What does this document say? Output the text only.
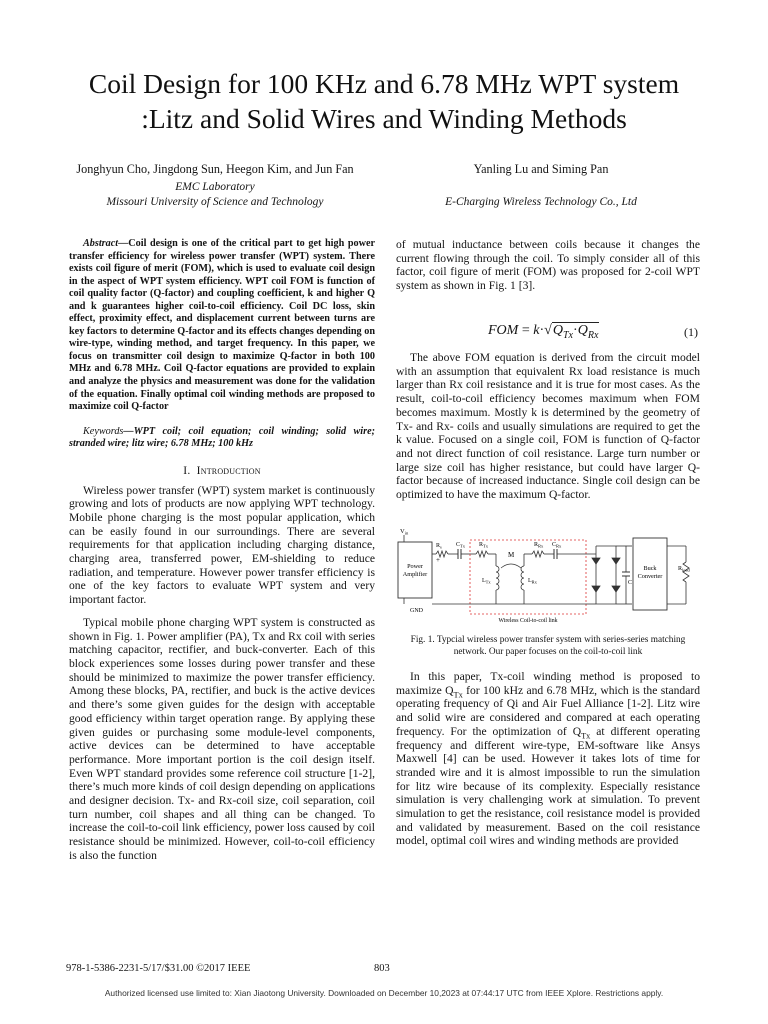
Coil Design for 100 KHz and 6.78 MHz WPT system
:Litz and Solid Wires and Winding Methods
Jonghyun Cho, Jingdong Sun, Heegon Kim, and Jun Fan
EMC Laboratory
Missouri University of Science and Technology
Yanling Lu and Siming Pan
E-Charging Wireless Technology Co., Ltd

Abstract—Coil design is one of the critical part to get high power transfer efficiency for wireless power transfer (WPT) system. There exists coil figure of merit (FOM), which is used to evaluate coil design in the aspect of WPT system efficiency. WPT coil FOM is function of coil quality factor (Q-factor) and coupling coefficient, k and higher Q and k guarantees higher coil-to-coil efficiency. Coil DC loss, skin effect, proximity effect, and displacement current between turns are key factors to determine Q-factor and its effects changes depending on wire-type, winding method, and target frequency. In this paper, we focus on transmitter coil design to maximize Q-factor in both 100 MHz and 6.78 MHz. Coil Q-factor equations are provided to explain and analyze the physics and measurement was done for the validation of the equation. Finally optimal coil winding methods are proposed to maximize coil Q-factor

Keywords—WPT coil; coil equation; coil winding; solid wire; stranded wire; litz wire; 6.78 MHz; 100 kHz

I. Introduction

Wireless power transfer (WPT) system market is continuously growing and lots of products are now applying WPT technology. Mobile phone charging is the most popular application, which can be easily found in our surroundings. There are several requirements for that application including charging distance, charging area, transferred power, EM-shielding to reduce radiation, and temperature. However power transfer efficiency is one of the key factors to evaluate WPT system and very important factor.

Typical mobile phone charging WPT system is constructed as shown in Fig. 1. Power amplifier (PA), Tx and Rx coil with series matching capacitor, rectifier, and buck-converter. Each of this block experiences some losses during power transfer and these should be minimized to maximize the power transfer efficiency. Among these blocks, PA, rectifier, and buck is the active devices and there’s some given guides for the design with acceptable good efficiency within target operation range. By applying these given guides or purchasing some module-level components, active devices can be determined to have acceptable performance. More important portion is the coil design itself. Even WPT standard provides some reference coil structure [1-2], there’s much more kinds of coil design depending on applications and designer decision. Tx- and Rx-coil size, coil separation, coil turn number, coil shapes and all thing can be changed. To increase the coil-to-coil link efficiency, power loss caused by coil resistance should be minimized. However, coil-to-coil efficiency is also the function

of mutual inductance between coils because it changes the current flowing through the coil. To simply consider all of this factor, coil figure of merit (FOM) was proposed for 2-coil WPT system as shown in Fig. 1 [3].

FOM = $k\cdot√Q_{Tx}\cdot Q_{Rx}$	(1)

The above FOM equation is derived from the circuit model with an assumption that equivalent Rx load resistance is much larger than Rx coil resistance and it is true for most cases. As the result, coil-to-coil efficiency becomes maximum when FOM becomes maximum. Mostly k is determined by the geometry of Tx- and Rx- coils and usually simulations are required to get the k value. Focused on a single coil, FOM is function of Q-factor and not direct function of coil resistance. Large turn number or large size coil has higher resistance, but could have larger Q-factor because of increased inductance. Single coil design can be optimized to have the maximum Q-factor.

$V_{in}$
Power
Amplifier
GND
$R_s$
+
$C_{Tx}$ $R_{Tx}$
$L_{Tx}$
M
$L_{Rx}$
$R_{Rx}$ $C_{Rx}$
C
Buck
Converter
$R_{load}$
Wireless Coil-to-coil link
Fig. 1. Typcial wireless power transfer system with series-series matching
network. Our paper focuses on the coil-to-coil link

In this paper, Tx-coil winding method is proposed to maximize $Q_{Tx}$ for 100 kHz and 6.78 MHz, which is the standard operating frequency of Qi and Air Fuel Alliance [1-2]. Litz wire and solid wire are considered and compared at each operating frequency. For the optimization of $Q_{Tx}$ at different operating frequency and different wire-type, EM-software like Ansys Maxwell [4] can be used. However it takes lots of time for stranded wire and it is almost impossible to run the simulation for litz wire because of its complexity. Especially resistance simulation is very challenging work at simulation. To prevent simulation to get the resistance, coil resistance model is provided and validated by measurement. Based on the coil resistance model, optimal coil wires and winding methods are provided

978-1-5386-2231-5/17/$31.00 ©2017 IEEE	803
Authorized licensed use limited to: Xian Jiaotong University. Downloaded on December 10,2023 at 07:44:17 UTC from IEEE Xplore. Restrictions apply.
